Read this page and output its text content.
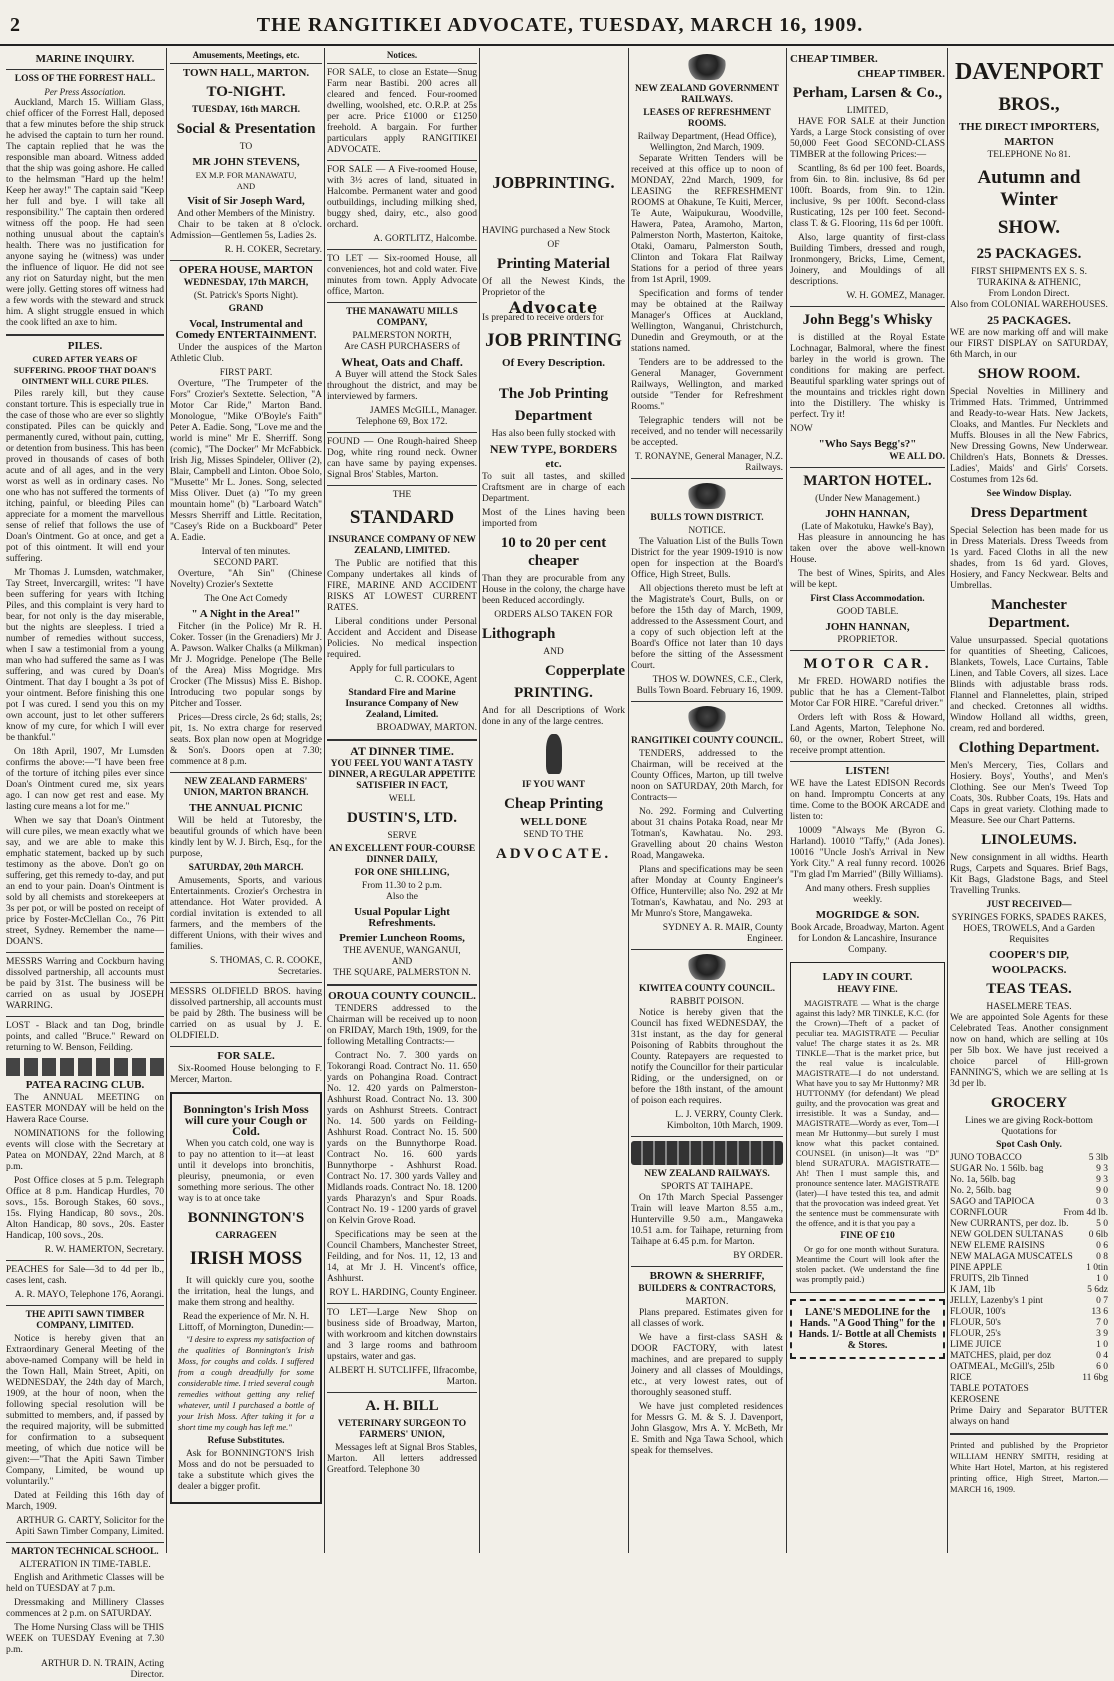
2	THE RANGITIKEI ADVOCATE, TUESDAY, MARCH 16, 1909.
MARINE INQUIRY.
LOSS OF THE FORREST HALL.
Per Press Association.

Auckland, March 15. William Glass, chief officer of the Forrest Hall, deposed that a few minutes before the ship struck he advised the captain to turn her round. The captain replied that he was the responsible man aboard. Witness added that the ship was going ashore. He called to the helmsman "Hard up the helm! Keep her away!" The captain said "Keep her full and bye. I will take all responsibility." The captain then ordered witness off the poop. He had seen nothing unusual about the captain's health. There was no justification for anyone saying he (witness) was under the influence of liquor. He did not see any riot on Saturday night, but the men were jolly. Getting stores off witness had a few words with the steward and struck him. A slight struggle ensued in which the cook lifted an axe to him.

PILES.
CURED AFTER YEARS OF SUFFERING. PROOF THAT DOAN'S OINTMENT WILL CURE PILES.

Piles rarely kill, but they cause constant torture. This is especially true in the case of those who are ever so slightly constipated. Piles can be quickly and permanently cured, without pain, cutting, or detention from business. This has been proved in thousands of cases of both acute and of all ages, and in the very worst as well as in ordinary cases. No one who has not suffered the torments of itching, painful, or bleeding Piles can appreciate for a moment the marvellous sense of relief that follows the use of Doan's Ointment. Go at once, and get a pot of this ointment. It will end your suffering.

Mr Thomas J. Lumsden, watchmaker, Tay Street, Invercargill, writes: "I have been suffering for years with Itching Piles, and this complaint is very hard to bear, for not only is the day miserable, but the nights are sleepless. I tried a number of remedies without success, when I saw a testimonial from a young man who had suffered the same as I was suffering, and was cured by Doan's Ointment. That day I bought a 3s pot of your ointment. Before finishing this one pot I was cured. I send you this on my own account, just to let other sufferers know of my cure, for which I will ever be thankful."

On 18th April, 1907, Mr Lumsden confirms the above:—"I have been free of the torture of itching piles ever since Doan's Ointment cured me, six years ago. I can now get rest and ease. My lasting cure means a lot for me."

When we say that Doan's Ointment will cure piles, we mean exactly what we say, and we are able to make this emphatic statement, backed up by such testimony as the above. Don't go on suffering, get this remedy to-day, and put an end to your pain. Doan's Ointment is sold by all chemists and storekeepers at 3s per pot, or will be posted on receipt of price by Foster-McClellan Co., 76 Pitt street, Sydney. Remember the name—DOAN'S.

MESSRS Warring and Cockburn having dissolved partnership, all accounts must be paid by 31st. The business will be carried on as usual by JOSEPH WARRING.

LOST - Black and tan Dog, brindle points, and called "Bruce." Reward on returning to W. Benson, Feilding.

PATEA RACING CLUB.

The ANNUAL MEETING on EASTER MONDAY will be held on the Hawera Race Course.

NOMINATIONS for the following events will close with the Secretary at Patea on MONDAY, 22nd March, at 8 p.m.

Post Office closes at 5 p.m. Telegraph Office at 8 p.m. Handicap Hurdles, 70 sovs., 15s. Borough Stakes, 60 sovs., 15s. Flying Handicap, 80 sovs., 20s. Alton Handicap, 80 sovs., 20s. Easter Handicap, 100 sovs., 20s.

R. W. HAMERTON, Secretary.

PEACHES for Sale—3d to 4d per lb., cases lent, cash.

A. R. MAYO, Telephone 176, Aorangi.
THE APITI SAWN TIMBER COMPANY, LIMITED.

Notice is hereby given that an Extraordinary General Meeting of the above-named Company will be held in the Town Hall, Main Street, Apiti, on WEDNESDAY, the 24th day of March, 1909, at the hour of noon, when the following special resolution will be submitted to members, and, if passed by the required majority, will be submitted for confirmation to a subsequent meeting, of which due notice will be given:—"That the Apiti Sawn Timber Company, Limited, be wound up voluntarily."

Dated at Feilding this 16th day of March, 1909.

ARTHUR G. CARTY, Solicitor for the Apiti Sawn Timber Company, Limited.
MARTON TECHNICAL SCHOOL.
ALTERATION IN TIME-TABLE.

English and Arithmetic Classes will be held on TUESDAY at 7 p.m.

Dressmaking and Millinery Classes commences at 2 p.m. on SATURDAY.

The Home Nursing Class will be THIS WEEK on TUESDAY Evening at 7.30 p.m.

ARTHUR D. N. TRAIN, Acting Director.
Amusements, Meetings, etc.
TOWN HALL, MARTON.
TO-NIGHT.
TUESDAY, 16th MARCH.
Social & Presentation
TO
MR JOHN STEVENS,
EX M.P. FOR MANAWATU,
AND
Visit of Sir Joseph Ward,
And other Members of the Ministry.

Chair to be taken at 8 o'clock. Admission—Gentlemen 5s, Ladies 2s.

R. H. COKER, Secretary.
OPERA HOUSE, MARTON
WEDNESDAY, 17th MARCH,
(St. Patrick's Sports Night).
GRAND
Vocal, Instrumental and Comedy ENTERTAINMENT.

Under the auspices of the Marton Athletic Club.

FIRST PART.

Overture, "The Trumpeter of the Fors" Crozier's Sextette. Selection, "A Motor Car Ride," Marton Band. Monologue, "Mike O'Boyle's Faith" Peter A. Eadie. Song, "Love me and the world is mine" Mr E. Sherriff. Song (comic), "The Docker" Mr McFabbick. Irish Jig, Misses Spindeler, Olliver (2), Blair, Campbell and Linton. Oboe Solo, "Musette" Mr L. Jones. Song, selected Miss Oliver. Duet (a) "To my green mountain home" (b) "Larboard Watch" Messrs Sherriff and Little. Recitation, "Casey's Ride on a Buckboard" Peter A. Eadie.

Interval of ten minutes.
SECOND PART.

Overture, "Ah Sin" (Chinese Novelty) Crozier's Sextette

The One Act Comedy
" A Night in the Area!"

Fitcher (in the Police) Mr R. H. Coker. Tosser (in the Grenadiers) Mr J. A. Pawson. Walker Chalks (a Milkman) Mr J. Mogridge. Penelope (The Belle of the Area) Miss Mogridge. Mrs Crocker (The Missus) Miss E. Bishop. Introducing two popular songs by Pitcher and Tosser.

Prices—Dress circle, 2s 6d; stalls, 2s; pit, 1s. No extra charge for reserved seats. Box plan now open at Mogridge & Son's. Doors open at 7.30; commence at 8 p.m.

NEW ZEALAND FARMERS' UNION, MARTON BRANCH.
THE ANNUAL PICNIC

Will be held at Tutoresby, the beautiful grounds of which have been kindly lent by W. J. Birch, Esq., for the purpose,

SATURDAY, 20th MARCH.

Amusements, Sports, and various Entertainments. Crozier's Orchestra in attendance. Hot Water provided. A cordial invitation is extended to all farmers, and the members of the different Unions, with their wives and families.

S. THOMAS, C. R. COOKE, Secretaries.

MESSRS OLDFIELD BROS. having dissolved partnership, all accounts must be paid by 28th. The business will be carried on as usual by J. E. OLDFIELD.

FOR SALE.

Six-Roomed House belonging to F. Mercer, Marton.

Bonnington's Irish Moss will cure your Cough or Cold.

When you catch cold, one way is to pay no attention to it—at least until it develops into bronchitis, pleurisy, pneumonia, or even something more serious. The other way is to at once take

BONNINGTON'S
CARRAGEEN
IRISH MOSS

It will quickly cure you, soothe the irritation, heal the lungs, and make them strong and healthy.

Read the experience of Mr. N. H. Littoff, of Mornington, Dunedin:—

"I desire to express my satisfaction of the qualities of Bonnington's Irish Moss, for coughs and colds. I suffered from a cough dreadfully for some considerable time. I tried several cough remedies without getting any relief whatever, until I purchased a bottle of your Irish Moss. After taking it for a short time my cough has left me."

Refuse Substitutes.

Ask for BONNINGTON'S Irish Moss and do not be persuaded to take a substitute which gives the dealer a bigger profit.

Notices.

FOR SALE, to close an Estate—Snug Farm near Bastibi. 200 acres all cleared and fenced. Four-roomed dwelling, woolshed, etc. O.R.P. at 25s per acre. Price £1000 or £1250 freehold. A bargain. For further particulars apply RANGITIKEI ADVOCATE.

FOR SALE — A Five-roomed House, with 3½ acres of land, situated in Halcombe. Permanent water and good outbuildings, including milking shed, buggy shed, dairy, etc., also good orchard.

A. GORTLITZ, Halcombe.

TO LET — Six-roomed House, all conveniences, hot and cold water. Five minutes from town. Apply Advocate office, Marton.

THE MANAWATU MILLS COMPANY,
PALMERSTON NORTH,
Are CASH PURCHASERS of
Wheat, Oats and Chaff.

A Buyer will attend the Stock Sales throughout the district, and may be interviewed by farmers.

JAMES McGILL, Manager.
Telephone 69, Box 172.

FOUND — One Rough-haired Sheep Dog, white ring round neck. Owner can have same by paying expenses. Signal Bros' Stables, Marton.

THE
STANDARD
INSURANCE COMPANY OF NEW ZEALAND, LIMITED.

The Public are notified that this Company undertakes all kinds of FIRE, MARINE AND ACCIDENT RISKS AT LOWEST CURRENT RATES.

Liberal conditions under Personal Accident and Accident and Disease Policies. No medical inspection required.

Apply for full particulars to
C. R. COOKE, Agent
Standard Fire and Marine Insurance Company of New Zealand, Limited.
BROADWAY, MARTON.
AT DINNER TIME.
YOU FEEL YOU WANT A TASTY DINNER, A REGULAR APPETITE SATISFIER IN FACT,
WELL
DUSTIN'S, LTD.
SERVE
AN EXCELLENT FOUR-COURSE DINNER DAILY,
FOR ONE SHILLING,
From 11.30 to 2 p.m.
Also the
Usual Popular Light Refreshments.
Premier Luncheon Rooms,
THE AVENUE, WANGANUI,
AND
THE SQUARE, PALMERSTON N.
OROUA COUNTY COUNCIL.

TENDERS addressed to the Chairman will be received up to noon on FRIDAY, March 19th, 1909, for the following Metalling Contracts:—

Contract No. 7. 300 yards on Tokorangi Road. Contract No. 11. 650 yards on Pohangina Road. Contract No. 12. 420 yards on Palmerston-Ashhurst Road. Contract No. 13. 300 yards on Ashhurst Streets. Contract No. 14. 500 yards on Feilding-Ashhurst Road. Contract No. 15. 500 yards on the Bunnythorpe Road. Contract No. 16. 600 yards Bunnythorpe - Ashhurst Road. Contract No. 17. 300 yards Valley and Midlands roads. Contract No. 18. 1200 yards Pharazyn's and Spur Roads. Contract No. 19 - 1200 yards of gravel on Kelvin Grove Road.

Specifications may be seen at the Council Chambers, Manchester Street, Feilding, and for Nos. 11, 12, 13 and 14, at Mr J. H. Vincent's office, Ashhurst.

ROY L. HARDING, County Engineer.

TO LET—Large New Shop on business side of Broadway, Marton, with workroom and kitchen downstairs and 3 large rooms and bathroom upstairs, water and gas.

ALBERT H. SUTCLIFFE, Ilfracombe, Marton.
A. H. BILL
VETERINARY SURGEON TO FARMERS' UNION,

Messages left at Signal Bros Stables, Marton. All letters addressed Greatford. Telephone 30

JOBPRINTING.

HAVING purchased a New Stock

OF
Printing Material

Of all the Newest Kinds, the Proprietor of the

Advocate

Is prepared to receive orders for

JOB PRINTING
Of Every Description.
The Job Printing
Department
Has also been fully stocked with
NEW TYPE, BORDERS
etc.

To suit all tastes, and skilled Craftsment are in charge of each Department.

Most of the Lines having been imported from

10 to 20 per cent cheaper

Than they are procurable from any House in the colony, the charge have been Reduced accordingly.

ORDERS ALSO TAKEN FOR
Lithograph
AND
Copperplate
PRINTING.

And for all Descriptions of Work done in any of the large centres.

IF YOU WANT
Cheap Printing
WELL DONE
SEND TO THE
ADVOCATE.
NEW ZEALAND GOVERNMENT RAILWAYS.
LEASES OF REFRESHMENT ROOMS.
Railway Department, (Head Office), Wellington, 2nd March, 1909.

Separate Written Tenders will be received at this office up to noon of MONDAY, 22nd March, 1909, for LEASING the REFRESHMENT ROOMS at Ohakune, Te Kuiti, Mercer, Te Aute, Waipukurau, Woodville, Hawera, Patea, Aramoho, Marton, Palmerston North, Masterton, Kaitoke, Otaki, Oamaru, Palmerston South, Clinton and Tokara Flat Railway Stations for a period of three years from 1st April, 1909.

Specification and forms of tender may be obtained at the Railway Manager's Offices at Auckland, Wellington, Wanganui, Christchurch, Dunedin and Greymouth, or at the stations named.

Tenders are to be addressed to the General Manager, Government Railways, Wellington, and marked outside "Tender for Refreshment Rooms."

Telegraphic tenders will not be received, and no tender will necessarily be accepted.

T. RONAYNE, General Manager, N.Z. Railways.
BULLS TOWN DISTRICT.
NOTICE.

The Valuation List of the Bulls Town District for the year 1909-1910 is now open for inspection at the Board's Office, High Street, Bulls.

All objections thereto must be left at the Magistrate's Court, Bulls, on or before the 15th day of March, 1909, addressed to the Assessment Court, and a copy of such objection left at the Board's Office not later than 10 days before the sitting of the Assessment Court.

THOS W. DOWNES, C.E., Clerk, Bulls Town Board. February 16, 1909.
RANGITIKEI COUNTY COUNCIL.

TENDERS, addressed to the Chairman, will be received at the County Offices, Marton, up till twelve noon on SATURDAY, 20th March, for Contracts—

No. 292. Forming and Culverting about 31 chains Potaka Road, near Mr Totman's, Kawhatau. No. 293. Gravelling about 20 chains Weston Road, Mangaweka.

Plans and specifications may be seen after Monday at County Engineer's Office, Hunterville; also No. 292 at Mr Totman's, Kawhatau, and No. 293 at Mr Munro's Store, Mangaweka.

SYDNEY A. R. MAIR, County Engineer.
KIWITEA COUNTY COUNCIL.
RABBIT POISON.

Notice is hereby given that the Council has fixed WEDNESDAY, the 31st instant, as the day for general Poisoning of Rabbits throughout the County. Ratepayers are requested to notify the Councillor for their particular Riding, or the undersigned, on or before the 18th instant, of the amount of poison each requires.

L. J. VERRY, County Clerk. Kimbolton, 10th March, 1909.
NEW ZEALAND RAILWAYS.
SPORTS AT TAIHAPE.

On 17th March Special Passenger Train will leave Marton 8.55 a.m., Hunterville 9.50 a.m., Mangaweka 10.51 a.m. for Taihape, returning from Taihape at 6.45 p.m. for Marton.

BY ORDER.
BROWN & SHERRIFF,
BUILDERS & CONTRACTORS,
MARTON.

Plans prepared. Estimates given for all classes of work.

We have a first-class SASH & DOOR FACTORY, with latest machines, and are prepared to supply Joinery and all classes of Mouldings, etc., at very lowest rates, out of thoroughly seasoned stuff.

We have just completed residences for Messrs G. M. & S. J. Davenport, John Glasgow, Mrs A. Y. McBeth, Mr E. Smith and Nga Tawa School, which speak for themselves.

CHEAP TIMBER.
CHEAP TIMBER.
Perham, Larsen & Co.,
LIMITED,

HAVE FOR SALE at their Junction Yards, a Large Stock consisting of over 50,000 Feet Good SECOND-CLASS TIMBER at the following Prices:—

Scantling, 8s 6d per 100 feet. Boards, from 6in. to 8in. inclusive, 8s 6d per 100ft. Boards, from 9in. to 12in. inclusive, 9s per 100ft. Second-class Rusticating, 12s per 100 feet. Second-class T. & G. Flooring, 11s 6d per 100ft.

Also, large quantity of first-class Building Timbers, dressed and rough, Ironmongery, Bricks, Lime, Cement, Joinery, and Mouldings of all descriptions.

W. H. GOMEZ, Manager.
John Begg's Whisky

is distilled at the Royal Estate Lochnagar, Balmoral, where the finest barley in the world is grown. The conditions for making are perfect. Beautiful sparkling water springs out of the mountains and trickles right down into the Distillery. The whisky is perfect. Try it!

NOW
"Who Says Begg's?"
WE ALL DO.
MARTON HOTEL.
(Under New Management.)
JOHN HANNAN,
(Late of Makotuku, Hawke's Bay),

Has pleasure in announcing he has taken over the above well-known House.

The best of Wines, Spirits, and Ales will be kept.

First Class Accommodation.
GOOD TABLE.
JOHN HANNAN,
PROPRIETOR.
MOTOR CAR.

Mr FRED. HOWARD notifies the public that he has a Clement-Talbot Motor Car FOR HIRE. "Careful driver."

Orders left with Ross & Howard, Land Agents, Marton, Telephone No. 60, or the owner, Robert Street, will receive prompt attention.

LISTEN!

WE have the Latest EDISON Records on hand. Impromptu Concerts at any time. Come to the BOOK ARCADE and listen to:

10009 "Always Me (Byron G. Harland). 10010 "Taffy," (Ada Jones). 10016 "Uncle Josh's Arrival in New York City." A real funny record. 10026 "I'm glad I'm Married" (Billy Williams).

And many others. Fresh supplies weekly.
MOGRIDGE & SON.
Book Arcade, Broadway, Marton. Agent for London & Lancashire, Insurance Company.
LADY IN COURT.
HEAVY FINE.

MAGISTRATE — What is the charge against this lady? MR TINKLE, K.C. (for the Crown)—Theft of a packet of peculiar tea. MAGISTRATE — Peculiar value! The charge states it as 2s. MR TINKLE—That is the market price, but the real value is incalculable. MAGISTRATE—I do not understand. What have you to say Mr Huttonmy? MR HUTTONMY (for defendant) We plead guilty, and the provocation was great and irresistible. It was a Sunday, and— MAGISTRATE—Wordy as ever, Tom—I mean Mr Huttonmy—but surely I must know what this packet contained. COUNSEL (in unison)—It was "D" blend SURATURA. MAGISTRATE—Ah! Then I must sample this, and pronounce sentence later. MAGISTRATE (later)—I have tested this tea, and admit that the provocation was indeed great. Yet the sentence must be commensurate with the offence, and it is that you pay a

FINE OF £10

Or go for one month without Suratura. Meantime the Court will look after the stolen packet. (We understand the fine was promptly paid.)

LANE'S MEDOLINE for the Hands. "A Good Thing" for the Hands. 1/- Bottle at all Chemists & Stores.
DAVENPORT
BROS.,
THE DIRECT IMPORTERS,
MARTON
TELEPHONE No 81.
Autumn and Winter
SHOW.
25 PACKAGES.
FIRST SHIPMENTS EX S. S. TURAKINA & ATHENIC,
From London Direct.
Also from COLONIAL WAREHOUSES.
25 PACKAGES.

WE are now marking off and will make our FIRST DISPLAY on SATURDAY, 6th March, in our

SHOW ROOM.

Special Novelties in Millinery and Trimmed Hats. Trimmed, Untrimmed and Ready-to-wear Hats. New Jackets, Cloaks, and Mantles. Fur Necklets and Muffs. Blouses in all the New Fabrics, New Dressing Gowns, New Underwear. Children's Hats, Bonnets & Dresses. Ladies', Maids' and Girls' Corsets. Costumes from 12s 6d.

See Window Display.
Dress Department

Special Selection has been made for us in Dress Materials. Dress Tweeds from 1s yard. Faced Cloths in all the new shades, from 1s 6d yard. Gloves, Hosiery, and Fancy Neckwear. Belts and Umbrellas.

Manchester Department.

Value unsurpassed. Special quotations for quantities of Sheeting, Calicoes, Blankets, Towels, Lace Curtains, Table Linen, and Table Covers, all sizes. Lace Blinds with adjustable brass rods. Flannel and Flannelettes, plain, striped and checked. Cretonnes all widths. Window Holland all widths, green, cream, red and bordered.

Clothing Department.

Men's Mercery, Ties, Collars and Hosiery. Boys', Youths', and Men's Clothing. See our Men's Tweed Top Coats, 30s. Rubber Coats, 19s. Hats and Caps in great variety. Clothing made to Measure. See our Chart Patterns.

LINOLEUMS.

New consignment in all widths. Hearth Rugs, Carpets and Squares. Brief Bags, Kit Bags, Gladstone Bags, and Steel Travelling Trunks.

JUST RECEIVED—
SYRINGES FORKS, SPADES RAKES, HOES, TROWELS, And a Garden Requisites
COOPER'S DIP,
WOOLPACKS.
TEAS TEAS.
HASELMERE TEAS.

We are appointed Sole Agents for these Celebrated Teas. Another consignment now on hand, which are selling at 10s per 5lb box. We have just received a choice parcel of Hill-grown FANNING'S, which we are selling at 1s 3d per lb.

GROCERY
Lines we are giving Rock-bottom Quotations for
Spot Cash Only.
JUNO TOBACCO	5 3lb
SUGAR No. 1 56lb. bag	9 3
No. 1a, 56lb. bag	9 3
No. 2, 56lb. bag	9 0
SAGO and TAPIOCA	0 3
CORNFLOUR	From 4d lb.
New CURRANTS, per doz. lb.	5 0
NEW GOLDEN SULTANAS	0 6lb
NEW ELEME RAISINS	0 6
NEW MALAGA MUSCATELS 0 8
PINE APPLE	1 0tin
FRUITS, 2lb Tinned	1 0
K JAM, 1lb	5 6dz
JELLY, Lazenby's 1 pint	0 7
FLOUR, 100's	13 6
FLOUR, 50's	7 0
FLOUR, 25's	3 9
LIME JUICE	1 0
MATCHES, plaid, per doz	0 4
OATMEAL, McGill's, 25lb	6 0
RICE	11 6bg
TABLE POTATOES
KEROSENE

Prime Dairy and Separator BUTTER always on hand

Printed and published by the Proprietor WILLIAM HENRY SMITH, residing at White Hart Hotel, Marton, at his registered printing office, High Street, Marton.—MARCH 16, 1909.
